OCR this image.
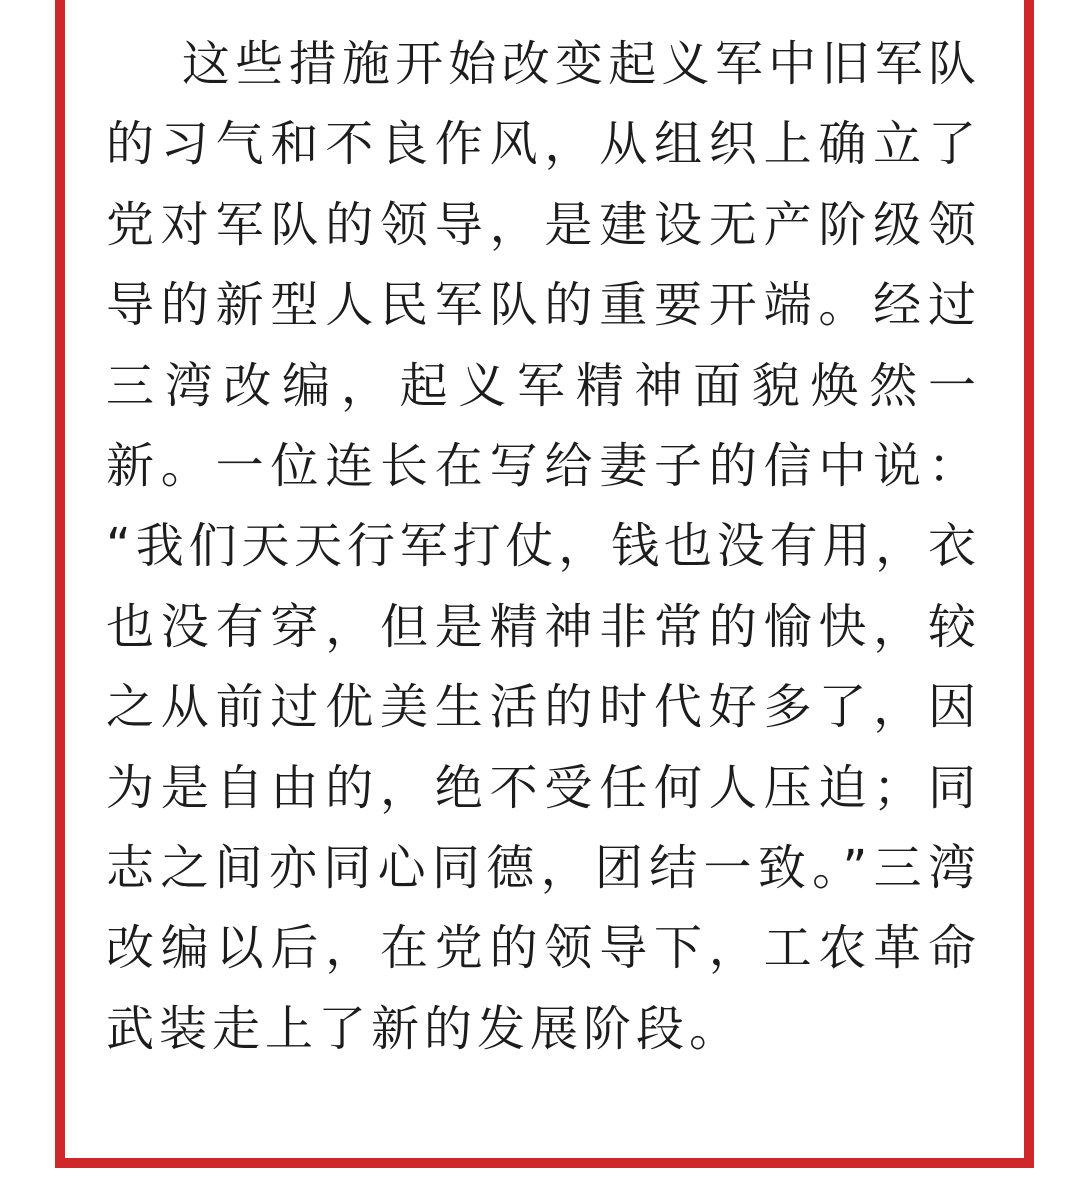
这些措施开始改变起义军中旧军队
的习气和不良作风，从组织上确立了
党对军队的领导，是建设无产阶级领
导的新型人民军队的重要开端。经过
三湾改编，起义军精神面貌焕然一
新。一位连长在写给妻子的信中说：
“我们天天行军打仗，钱也没有用，衣
也没有穿，但是精神非常的愉快，较
之从前过优美生活的时代好多了，因
为是自由的，绝不受任何人压迫；同
志之间亦同心同德，团结一致。”三湾
改编以后，在党的领导下，工农革命
武装走上了新的发展阶段。
